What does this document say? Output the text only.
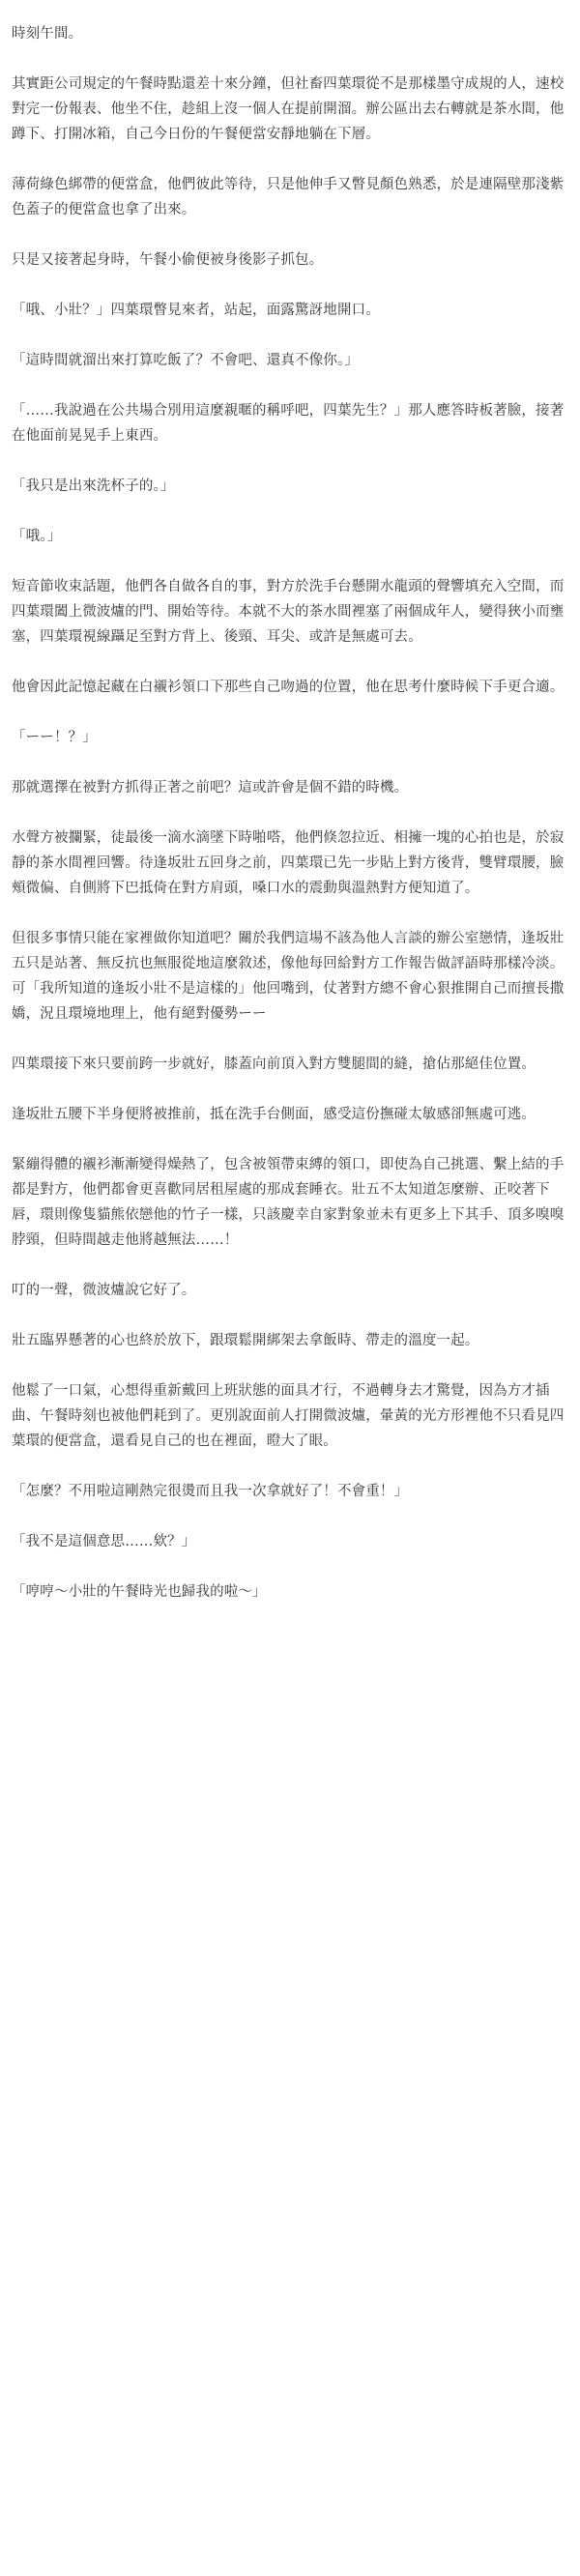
時刻午間。

其實距公司規定的午餐時點還差十來分鐘，但社畜四葉環從不是那樣墨守成規的人，速校對完一份報表、他坐不住，趁組上沒一個人在提前開溜。辦公區出去右轉就是茶水間，他蹲下、打開冰箱，自己今日份的午餐便當安靜地躺在下層。

薄荷綠色綁帶的便當盒，他們彼此等待，只是他伸手又瞥見顏色熟悉，於是連隔壁那淺紫色蓋子的便當盒也拿了出來。

只是又接著起身時，午餐小偷便被身後影子抓包。

「哦、小壯？」四葉環瞥見來者，站起，面露驚訝地開口。

「這時間就溜出來打算吃飯了？不會吧、還真不像你。」

「……我說過在公共場合別用這麼親暱的稱呼吧，四葉先生？」那人應答時板著臉，接著在他面前晃晃手上東西。

「我只是出來洗杯子的。」

「哦。」

短音節收束話題，他們各自做各自的事，對方於洗手台懸開水龍頭的聲響填充入空間，而四葉環闔上微波爐的門、開始等待。本就不大的茶水間裡塞了兩個成年人，變得狹小而壅塞，四葉環視線躡足至對方背上、後頸、耳尖、或許是無處可去。

他會因此記憶起藏在白襯衫領口下那些自己吻過的位置，他在思考什麼時候下手更合適。

「ーー！？」

那就選擇在被對方抓得正著之前吧？這或許會是個不錯的時機。

水聲方被攔緊，徒最後一滴水滴墜下時啪嗒，他們倏忽拉近、相擁一塊的心拍也是，於寂靜的茶水間裡回響。待逢坂壯五回身之前，四葉環已先一步貼上對方後背，雙臂環腰，臉頰微偏、自側將下巴抵倚在對方肩頭，嗓口水的震動與溫熱對方便知道了。

但很多事情只能在家裡做你知道吧？關於我們這場不該為他人言談的辦公室戀情，逢坂壯五只是站著、無反抗也無服從地這麼敘述，像他每回給對方工作報告做評語時那樣冷淡。可「我所知道的逢坂小壯不是這樣的」他回嘴到，仗著對方總不會心狠推開自己而擅長撒嬌，況且環境地理上，他有絕對優勢ーー

四葉環接下來只要前跨一步就好，膝蓋向前頂入對方雙腿間的縫，搶佔那絕佳位置。

逢坂壯五腰下半身便將被推前，抵在洗手台側面，感受這份撫碰太敏感卻無處可逃。

緊繃得體的襯衫漸漸變得燥熱了，包含被領帶束縛的領口，即使為自己挑選、繫上結的手都是對方，他們都會更喜歡同居租屋處的那成套睡衣。壯五不太知道怎麼辦、正咬著下唇，環則像隻貓熊依戀他的竹子一樣，只該慶幸自家對象並未有更多上下其手、頂多嗅嗅脖頸，但時間越走他將越無法……！

叮的一聲，微波爐說它好了。

壯五臨界懸著的心也終於放下，跟環鬆開綁架去拿飯時、帶走的溫度一起。

他鬆了一口氣，心想得重新戴回上班狀態的面具才行，不過轉身去才驚覺，因為方才插曲、午餐時刻也被他們耗到了。更別說面前人打開微波爐，暈黃的光方形裡他不只看見四葉環的便當盒，還看見自己的也在裡面，瞪大了眼。

「怎麼？不用啦這剛熱完很燙而且我一次拿就好了！不會重！」

「我不是這個意思……欸？」

「哼哼～小壯的午餐時光也歸我的啦～」
